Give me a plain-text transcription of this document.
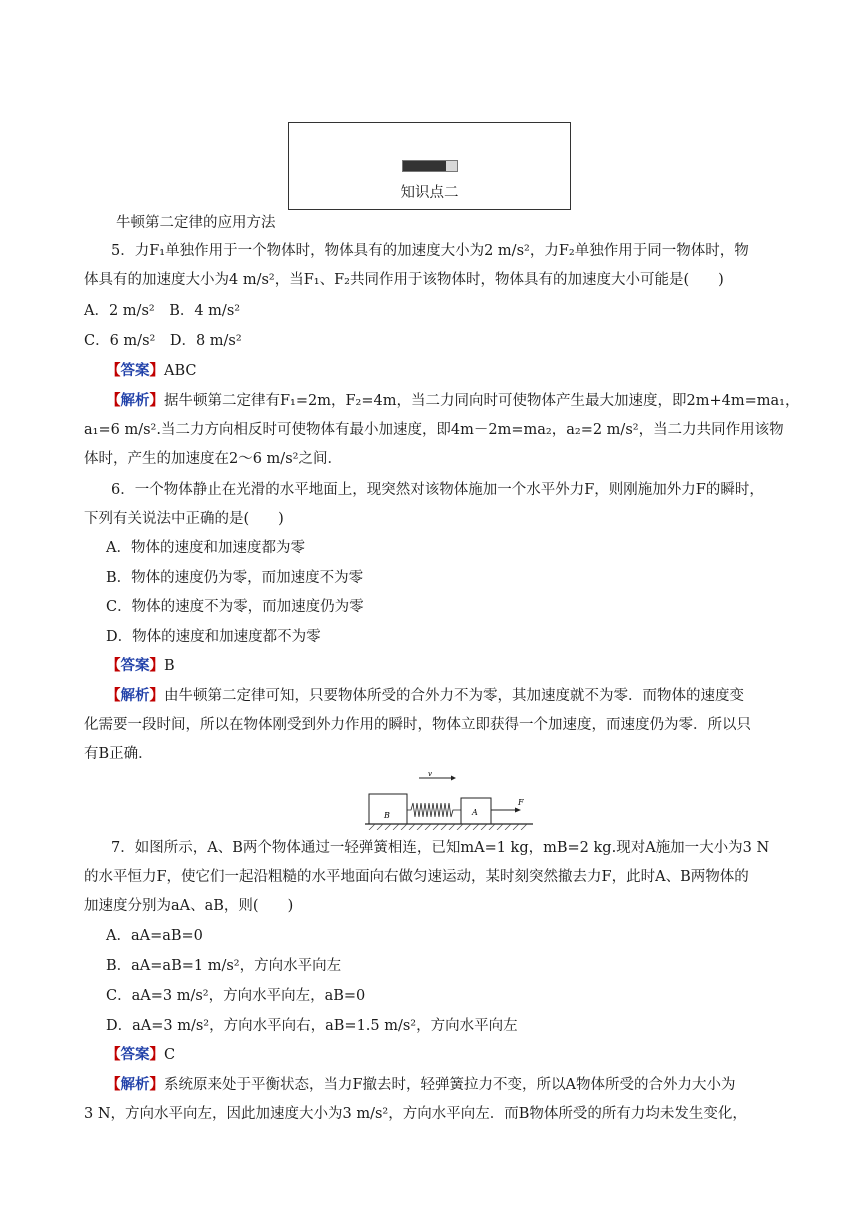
知识点二
牛顿第二定律的应用方法
5．力F₁单独作用于一个物体时，物体具有的加速度大小为2 m/s²，力F₂单独作用于同一物体时，物
体具有的加速度大小为4 m/s²，当F₁、F₂共同作用于该物体时，物体具有的加速度大小可能是(　　)
A．2 m/s²　B．4 m/s²
C．6 m/s²　D．8 m/s²
【答案】ABC
【解析】据牛顿第二定律有F₁=2m，F₂=4m，当二力同向时可使物体产生最大加速度，即2m+4m=ma₁，
a₁=6 m/s².当二力方向相反时可使物体有最小加速度，即4m－2m=ma₂，a₂=2 m/s²，当二力共同作用该物
体时，产生的加速度在2～6 m/s²之间．
6．一个物体静止在光滑的水平地面上，现突然对该物体施加一个水平外力F，则刚施加外力F的瞬时，
下列有关说法中正确的是(　　)
A．物体的速度和加速度都为零
B．物体的速度仍为零，而加速度不为零
C．物体的速度不为零，而加速度仍为零
D．物体的速度和加速度都不为零
【答案】B
【解析】由牛顿第二定律可知，只要物体所受的合外力不为零，其加速度就不为零．而物体的速度变
化需要一段时间，所以在物体刚受到外力作用的瞬时，物体立即获得一个加速度，而速度仍为零．所以只
有B正确．
v
B	A
F
7．如图所示，A、B两个物体通过一轻弹簧相连，已知mA=1 kg，mB=2 kg.现对A施加一大小为3 N
的水平恒力F，使它们一起沿粗糙的水平地面向右做匀速运动，某时刻突然撤去力F，此时A、B两物体的
加速度分别为aA、aB，则(　　)
A．aA=aB=0
B．aA=aB=1 m/s²，方向水平向左
C．aA=3 m/s²，方向水平向左，aB=0
D．aA=3 m/s²，方向水平向右，aB=1.5 m/s²，方向水平向左
【答案】C
【解析】系统原来处于平衡状态，当力F撤去时，轻弹簧拉力不变，所以A物体所受的合外力大小为
3 N，方向水平向左，因此加速度大小为3 m/s²，方向水平向左．而B物体所受的所有力均未发生变化，
